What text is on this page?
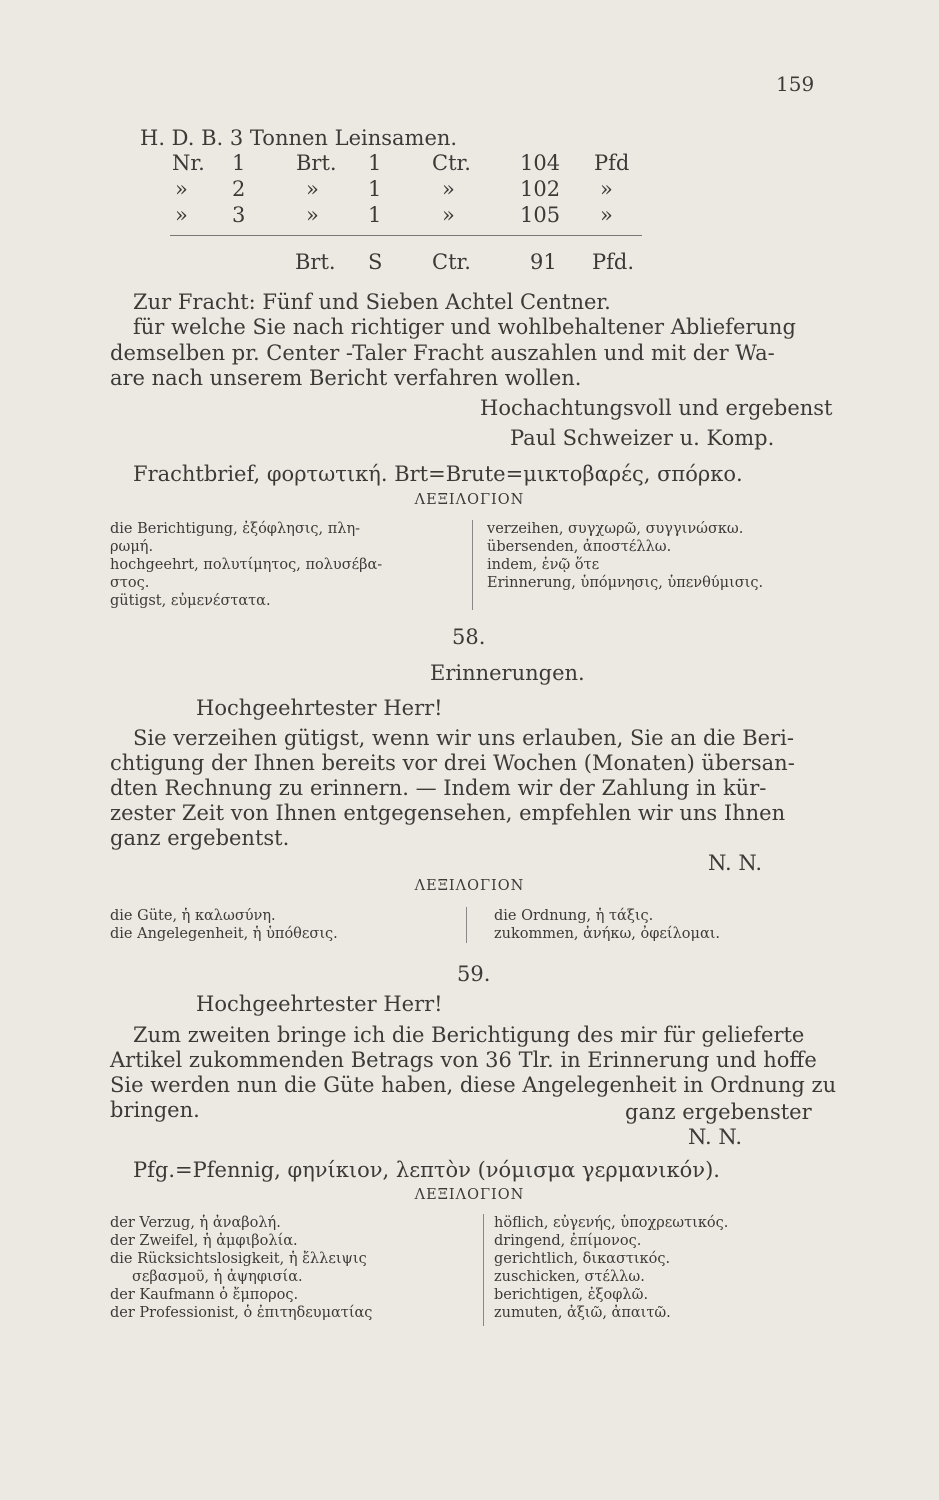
159
H. D. B. 3 Tonnen Leinsamen.
Nr. 1 Brt. 1 Ctr. 104 Pfd
» 2	» 1	»	102 »
» 3	» 1	»	105 »
Brt. S Ctr.	91 Pfd.
Zur Fracht: Fünf und Sieben Achtel Centner.
für welche Sie nach richtiger und wohlbehaltener Ablieferung
demselben pr. Center -Taler Fracht auszahlen und mit der Wa-
are nach unserem Bericht verfahren wollen.
Hochachtungsvoll und ergebenst
Paul Schweizer u. Komp.
Frachtbrief, φορτωτική. Brt=Brute=μικτοβαρές, σπόρκο.
ΛΕΞΙΛΟΓΙΟΝ
die Berichtigung, ἐξόφλησις, πλη-
ρωμή.
hochgeehrt, πολυτίμητος, πολυσέβα-
στος.
gütigst, εὐμενέστατα.
verzeihen, συγχωρῶ, συγγινώσκω.
übersenden, ἀποστέλλω.
indem, ἐνῷ ὅτε
Erinnerung, ὑπόμνησις, ὑπενθύμισις.
58.
Erinnerungen.
Hochgeehrtester Herr!
Sie verzeihen gütigst, wenn wir uns erlauben, Sie an die Beri-
chtigung der Ihnen bereits vor drei Wochen (Monaten) übersan-
dten Rechnung zu erinnern. — Indem wir der Zahlung in kür-
zester Zeit von Ihnen entgegensehen, empfehlen wir uns Ihnen
ganz ergebentst.
N. N.
ΛΕΞΙΛΟΓΙΟΝ
die Güte, ἡ καλωσύνη.
die Angelegenheit, ἡ ὑπόθεσις.
die Ordnung, ἡ τάξις.
zukommen, ἀνήκω, ὀφείλομαι.
59.
Hochgeehrtester Herr!
Zum zweiten bringe ich die Berichtigung des mir für gelieferte
Artikel zukommenden Betrags von 36 Tlr. in Erinnerung und hoffe
Sie werden nun die Güte haben, diese Angelegenheit in Ordnung zu
bringen.	ganz ergebenster
N. N.
Pfg.=Pfennig, φηνίκιον, λεπτὸν (νόμισμα γερμανικόν).
ΛΕΞΙΛΟΓΙΟΝ
der Verzug, ἡ ἀναβολή.
der Zweifel, ἡ ἀμφιβολία.
die Rücksichtslosigkeit, ἡ ἔλλειψις
σεβασμοῦ, ἡ ἀψηφισία.
der Kaufmann ὁ ἔμπορος.
der Professionist, ὁ ἐπιτηδευματίας
höflich, εὐγενής, ὑποχρεωτικός.
dringend, ἐπίμονος.
gerichtlich, δικαστικός.
zuschicken, στέλλω.
berichtigen, ἐξοφλῶ.
zumuten, ἀξιῶ, ἀπαιτῶ.
